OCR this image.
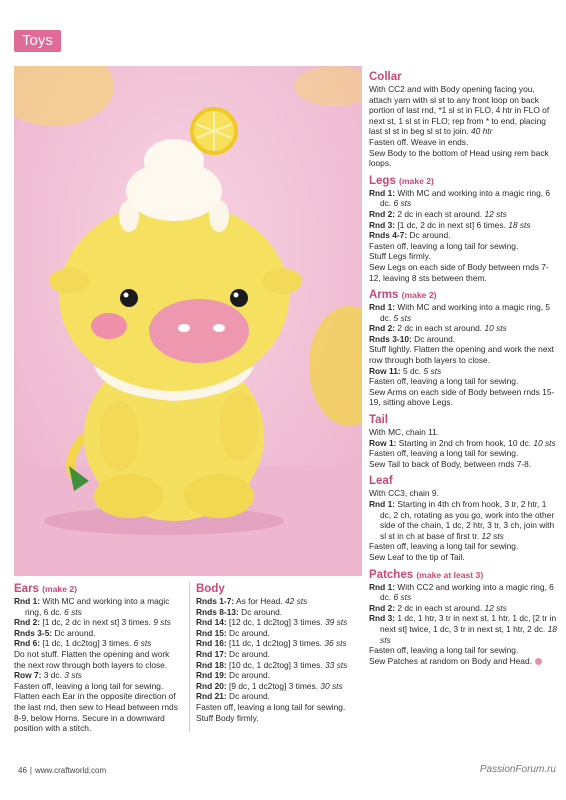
Toys
Collar

With CC2 and with Body opening facing you, attach yarn with sl st to any front loop on back portion of last rnd, *1 sl st in FLO, 4 htr in FLO of next st, 1 sl st in FLO; rep from * to end, placing last sl st in beg sl st to join. 40 htr

Fasten off. Weave in ends.

Sew Body to the bottom of Head using rem back loops.

Legs (make 2)

Rnd 1: With MC and working into a magic ring, 6 dc. 6 sts

Rnd 2: 2 dc in each st around. 12 sts

Rnd 3: [1 dc, 2 dc in next st] 6 times. 18 sts

Rnds 4-7: Dc around.

Fasten off, leaving a long tail for sewing.

Stuff Legs firmly.

Sew Legs on each side of Body between rnds 7-12, leaving 8 sts between them.

Arms (make 2)

Rnd 1: With MC and working into a magic ring, 5 dc. 5 sts

Rnd 2: 2 dc in each st around. 10 sts

Rnds 3-10: Dc around.

Stuff lightly. Flatten the opening and work the next row through both layers to close.

Row 11: 5 dc. 5 sts

Fasten off, leaving a long tail for sewing.

Sew Arms on each side of Body between rnds 15-19, sitting above Legs.

Tail

With MC, chain 11.

Row 1: Starting in 2nd ch from hook, 10 dc. 10 sts

Fasten off, leaving a long tail for sewing.

Sew Tail to back of Body, between rnds 7-8.

Leaf

With CC3, chain 9.

Rnd 1: Starting in 4th ch from hook, 3 tr, 2 htr, 1 dc, 2 ch, rotating as you go, work into the other side of the chain, 1 dc, 2 htr, 3 tr, 3 ch, join with sl st in ch at base of first tr. 12 sts

Fasten off, leaving a long tail for sewing.

Sew Leaf to the tip of Tail.

Patches (make at least 3)

Rnd 1: With CC2 and working into a magic ring, 6 dc. 6 sts

Rnd 2: 2 dc in each st around. 12 sts

Rnd 3: 1 dc, 1 htr, 3 tr in next st, 1 htr, 1 dc, [2 tr in next st] twice, 1 dc, 3 tr in next st, 1 htr, 2 dc. 18 sts

Fasten off, leaving a long tail for sewing.

Sew Patches at random on Body and Head.

Ears (make 2)

Rnd 1: With MC and working into a magic ring, 6 dc. 6 sts

Rnd 2: [1 dc, 2 dc in next st] 3 times. 9 sts

Rnds 3-5: Dc around.

Rnd 6: [1 dc, 1 dc2tog] 3 times. 6 sts

Do not stuff. Flatten the opening and work the next row through both layers to close.

Row 7: 3 dc. 3 sts

Fasten off, leaving a long tail for sewing.

Flatten each Ear in the opposite direction of the last rnd, then sew to Head between rnds 8-9, below Horns. Secure in a downward position with a stitch.

Body

Rnds 1-7: As for Head. 42 sts

Rnds 8-13: Dc around.

Rnd 14: [12 dc, 1 dc2tog] 3 times. 39 sts

Rnd 15: Dc around.

Rnd 16: [11 dc, 1 dc2tog] 3 times. 36 sts

Rnd 17: Dc around.

Rnd 18: [10 dc, 1 dc2tog] 3 times. 33 sts

Rnd 19: Dc around.

Rnd 20: [9 dc, 1 dc2tog] 3 times. 30 sts

Rnd 21: Dc around.

Fasten off, leaving a long tail for sewing.

Stuff Body firmly.

46 | www.craftworld.com	PassionForum.ru
